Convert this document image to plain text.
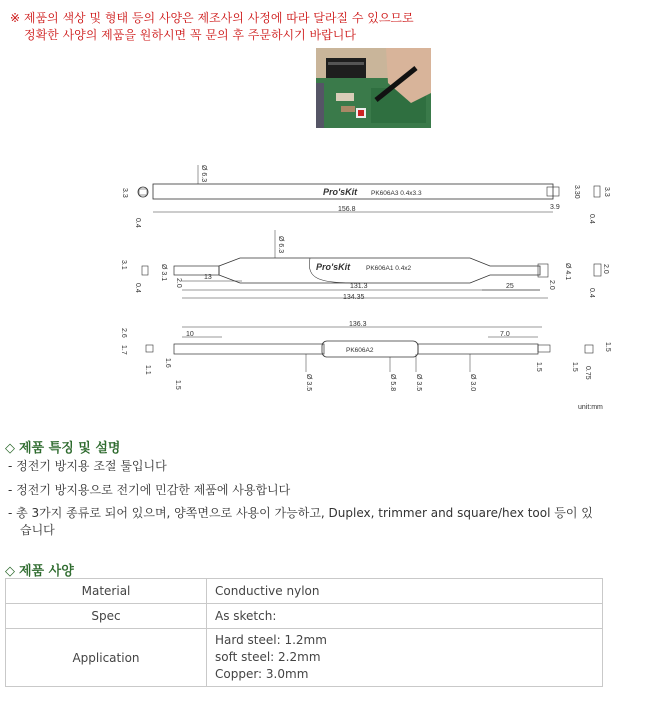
※ 제품의 색상 및 형태 등의 사양은 제조사의 사정에 따라 달라질 수 있으므로
정확한 사양의 제품을 원하시면 꼭 문의 후 주문하시기 바랍니다
Pro'sKit PK606A3 0.4x3.3
Ø 6.3
156.8	3.9
3.3
0.4
3.30	3.3
0.4
Pro'sKit PK606A1 0.4x2
Ø 6.3
3.1
0.4
Ø 3.1
2.0
13
131.3	25
134.35
2.0
Ø 4.1	2.0
0.4
PK606A2
136.3
10	7.0
2.6
1.7
1.1
1.6
1.5	Ø 3.5	Ø 5.8	Ø 3.5	Ø 3.0
1.5
1.5
1.5 0.75
unit:mm
◇ 제품 특징 및 설명
- 정전기 방지용 조절 툴입니다
- 정전기 방지용으로 전기에 민감한 제품에 사용합니다
- 총 3가지 종류로 되어 있으며, 양쪽면으로 사용이 가능하고, Duplex, trimmer and square/hex tool 등이 있
습니다
◇ 제품 사양
Material	Conductive nylon
Spec	As sketch:
Application	Hard steel: 1.2mm
soft steel: 2.2mm
Copper: 3.0mm
